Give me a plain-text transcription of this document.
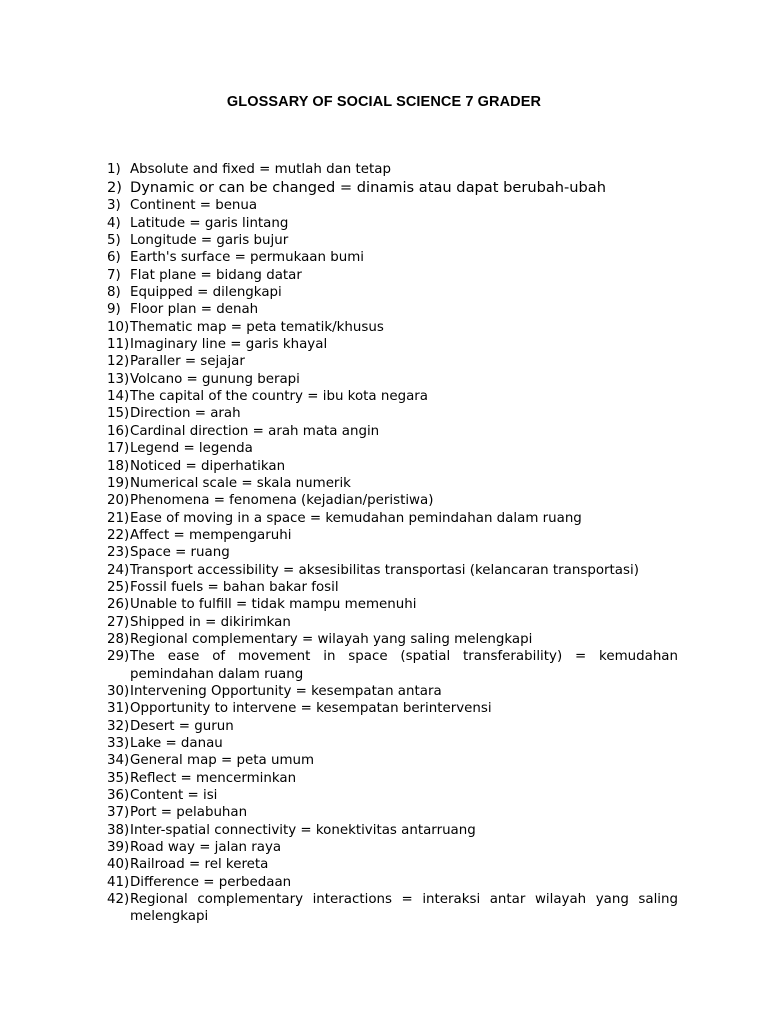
GLOSSARY OF SOCIAL SCIENCE 7 GRADER
1) Absolute and fixed = mutlah dan tetap
2) Dynamic or can be changed = dinamis atau dapat berubah-ubah
3) Continent = benua
4) Latitude = garis lintang
5) Longitude = garis bujur
6) Earth's surface = permukaan bumi
7) Flat plane = bidang datar
8) Equipped = dilengkapi
9) Floor plan = denah
10) Thematic map = peta tematik/khusus
11) Imaginary line = garis khayal
12) Paraller = sejajar
13) Volcano = gunung berapi
14) The capital of the country = ibu kota negara
15) Direction = arah
16) Cardinal direction = arah mata angin
17) Legend = legenda
18) Noticed = diperhatikan
19) Numerical scale = skala numerik
20) Phenomena = fenomena (kejadian/peristiwa)
21) Ease of moving in a space = kemudahan pemindahan dalam ruang
22) Affect = mempengaruhi
23) Space = ruang
24) Transport accessibility = aksesibilitas transportasi (kelancaran transportasi)
25) Fossil fuels = bahan bakar fosil
26) Unable to fulfill = tidak mampu memenuhi
27) Shipped in = dikirimkan
28) Regional complementary = wilayah yang saling melengkapi
29) The ease of movement in space (spatial transferability) = kemudahan pemindahan dalam ruang
30) Intervening Opportunity = kesempatan antara
31) Opportunity to intervene = kesempatan berintervensi
32) Desert = gurun
33) Lake = danau
34) General map = peta umum
35) Reflect = mencerminkan
36) Content = isi
37) Port = pelabuhan
38) Inter-spatial connectivity = konektivitas antarruang
39) Road way = jalan raya
40) Railroad = rel kereta
41) Difference = perbedaan
42) Regional complementary interactions = interaksi antar wilayah yang saling melengkapi
